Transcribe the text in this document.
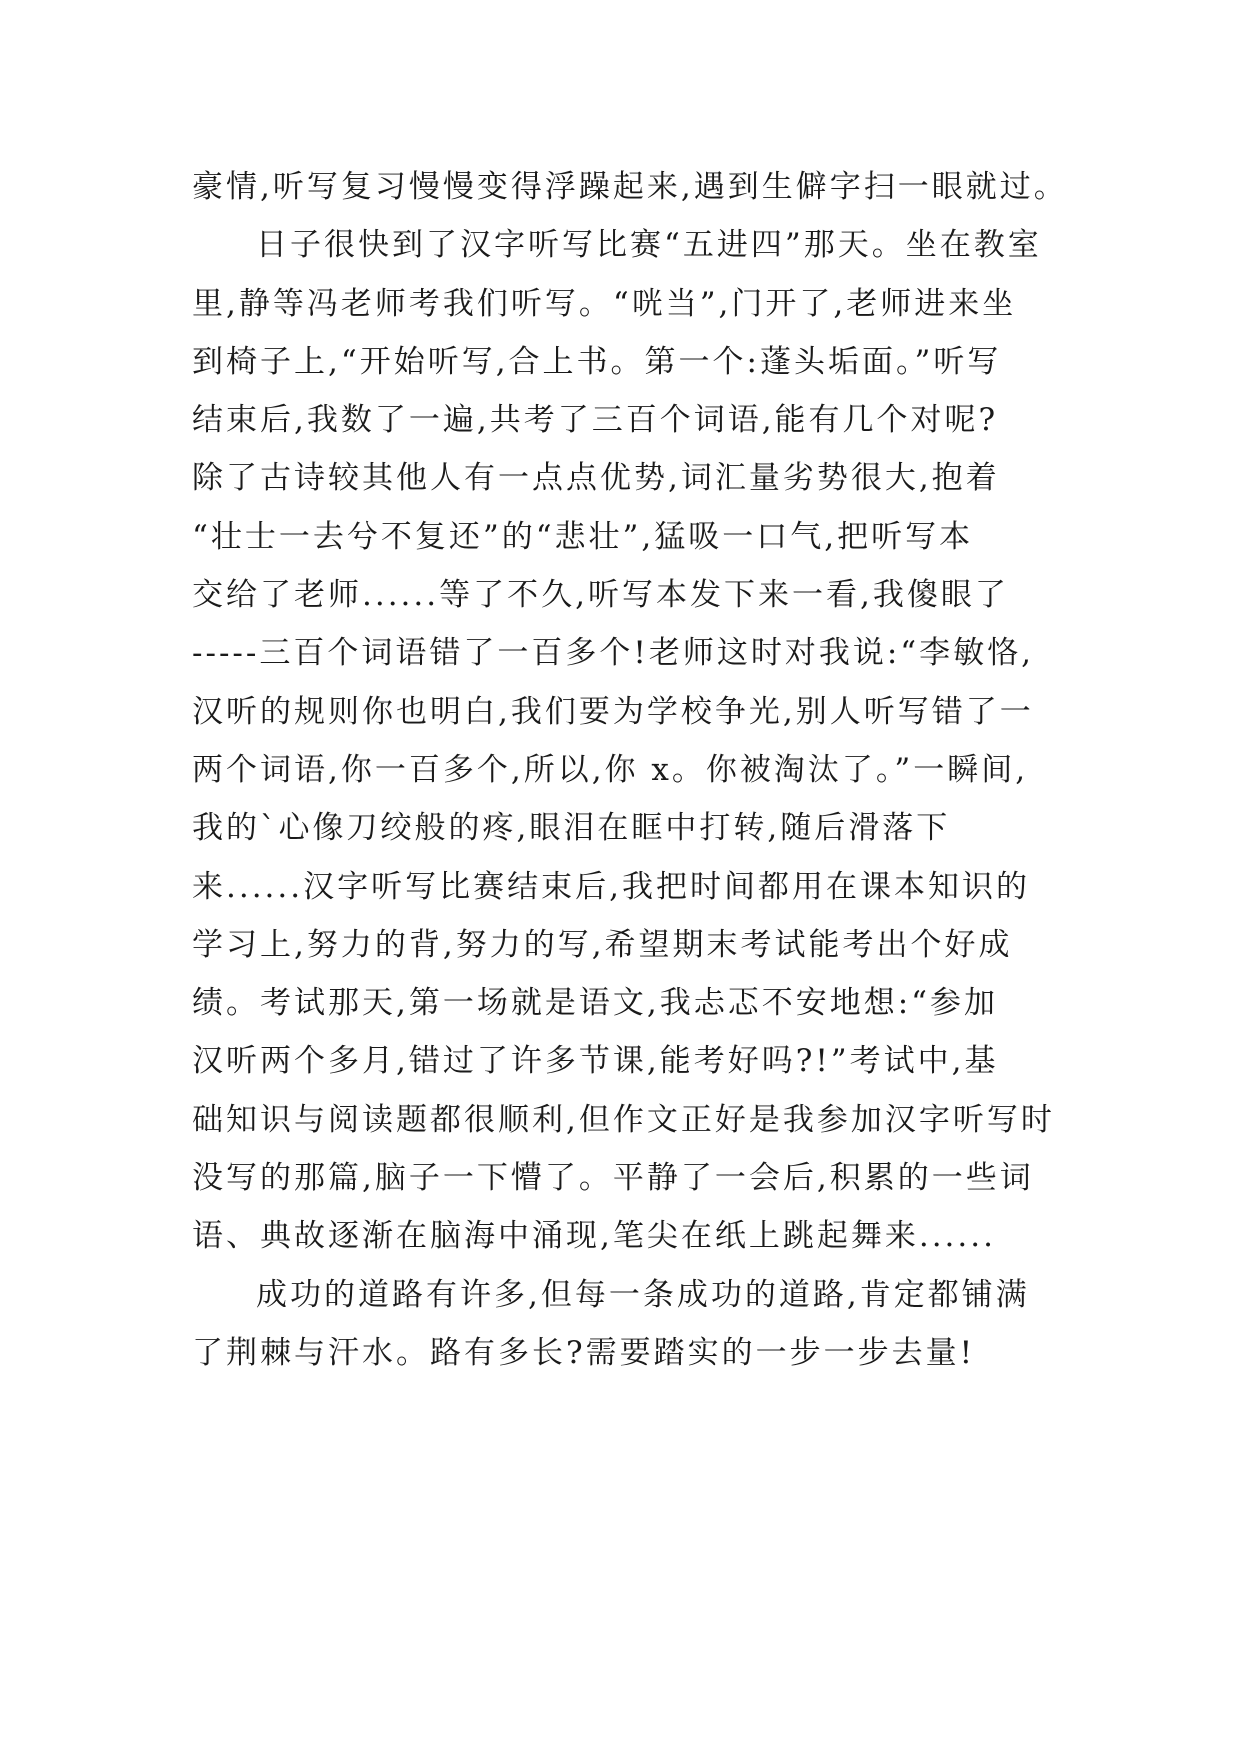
豪情,听写复习慢慢变得浮躁起来,遇到生僻字扫一眼就过。
日子很快到了汉字听写比赛“五进四”那天。坐在教室
里,静等冯老师考我们听写。“咣当”,门开了,老师进来坐
到椅子上,“开始听写,合上书。第一个:蓬头垢面。”听写
结束后,我数了一遍,共考了三百个词语,能有几个对呢?
除了古诗较其他人有一点点优势,词汇量劣势很大,抱着
“壮士一去兮不复还”的“悲壮”,猛吸一口气,把听写本
交给了老师......等了不久,听写本发下来一看,我傻眼了
-----三百个词语错了一百多个!老师这时对我说:“李敏恪,
汉听的规则你也明白,我们要为学校争光,别人听写错了一
两个词语,你一百多个,所以,你 x。你被淘汰了。”一瞬间,
我的`心像刀绞般的疼,眼泪在眶中打转,随后滑落下
来......汉字听写比赛结束后,我把时间都用在课本知识的
学习上,努力的背,努力的写,希望期末考试能考出个好成
绩。考试那天,第一场就是语文,我忐忑不安地想:“参加
汉听两个多月,错过了许多节课,能考好吗?!”考试中,基
础知识与阅读题都很顺利,但作文正好是我参加汉字听写时
没写的那篇,脑子一下懵了。平静了一会后,积累的一些词
语、典故逐渐在脑海中涌现,笔尖在纸上跳起舞来......
成功的道路有许多,但每一条成功的道路,肯定都铺满
了荆棘与汗水。路有多长?需要踏实的一步一步去量!
